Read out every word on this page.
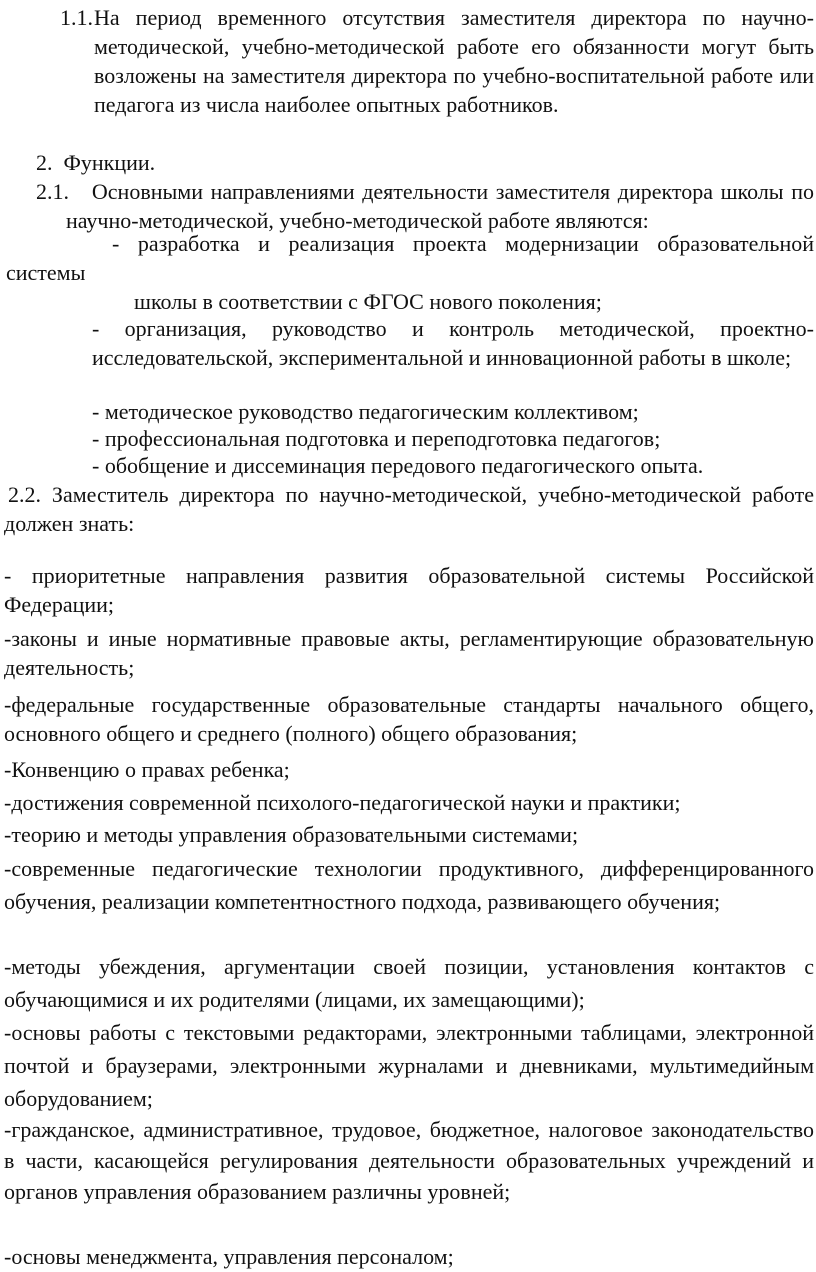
1.1. На период временного отсутствия заместителя директора по научно-методической, учебно-методической работе его обязанности могут быть возложены на заместителя директора по учебно-воспитательной работе или педагога из числа наиболее опытных работников.

2. Функции.

2.1. Основными направлениями деятельности заместителя директора школы по научно-методической, учебно-методической работе являются:

- разработка и реализация проекта модернизации образовательной системы

школы в соответствии с ФГОС нового поколения;

- организация, руководство и контроль методической, проектно-исследовательской, экспериментальной и инновационной работы в школе;

- методическое руководство педагогическим коллективом;

- профессиональная подготовка и переподготовка педагогов;

- обобщение и диссеминация передового педагогического опыта.

2.2. Заместитель директора по научно-методической, учебно-методической работе должен знать:

- приоритетные направления развития образовательной системы Российской Федерации;

-законы и иные нормативные правовые акты, регламентирующие образовательную деятельность;

-федеральные государственные образовательные стандарты начального общего, основного общего и среднего (полного) общего образования;

-Конвенцию о правах ребенка;

-достижения современной психолого-педагогической науки и практики;

-теорию и методы управления образовательными системами;

-современные педагогические технологии продуктивного, дифференцированного обучения, реализации компетентностного подхода, развивающего обучения;

-методы убеждения, аргументации своей позиции, установления контактов с обучающимися и их родителями (лицами, их замещающими);

-основы работы с текстовыми редакторами, электронными таблицами, электронной почтой и браузерами, электронными журналами и дневниками, мультимедийным оборудованием;

-гражданское, административное, трудовое, бюджетное, налоговое законодательство в части, касающейся регулирования деятельности образовательных учреждений и органов управления образованием различны уровней;

-основы менеджмента, управления персоналом;
